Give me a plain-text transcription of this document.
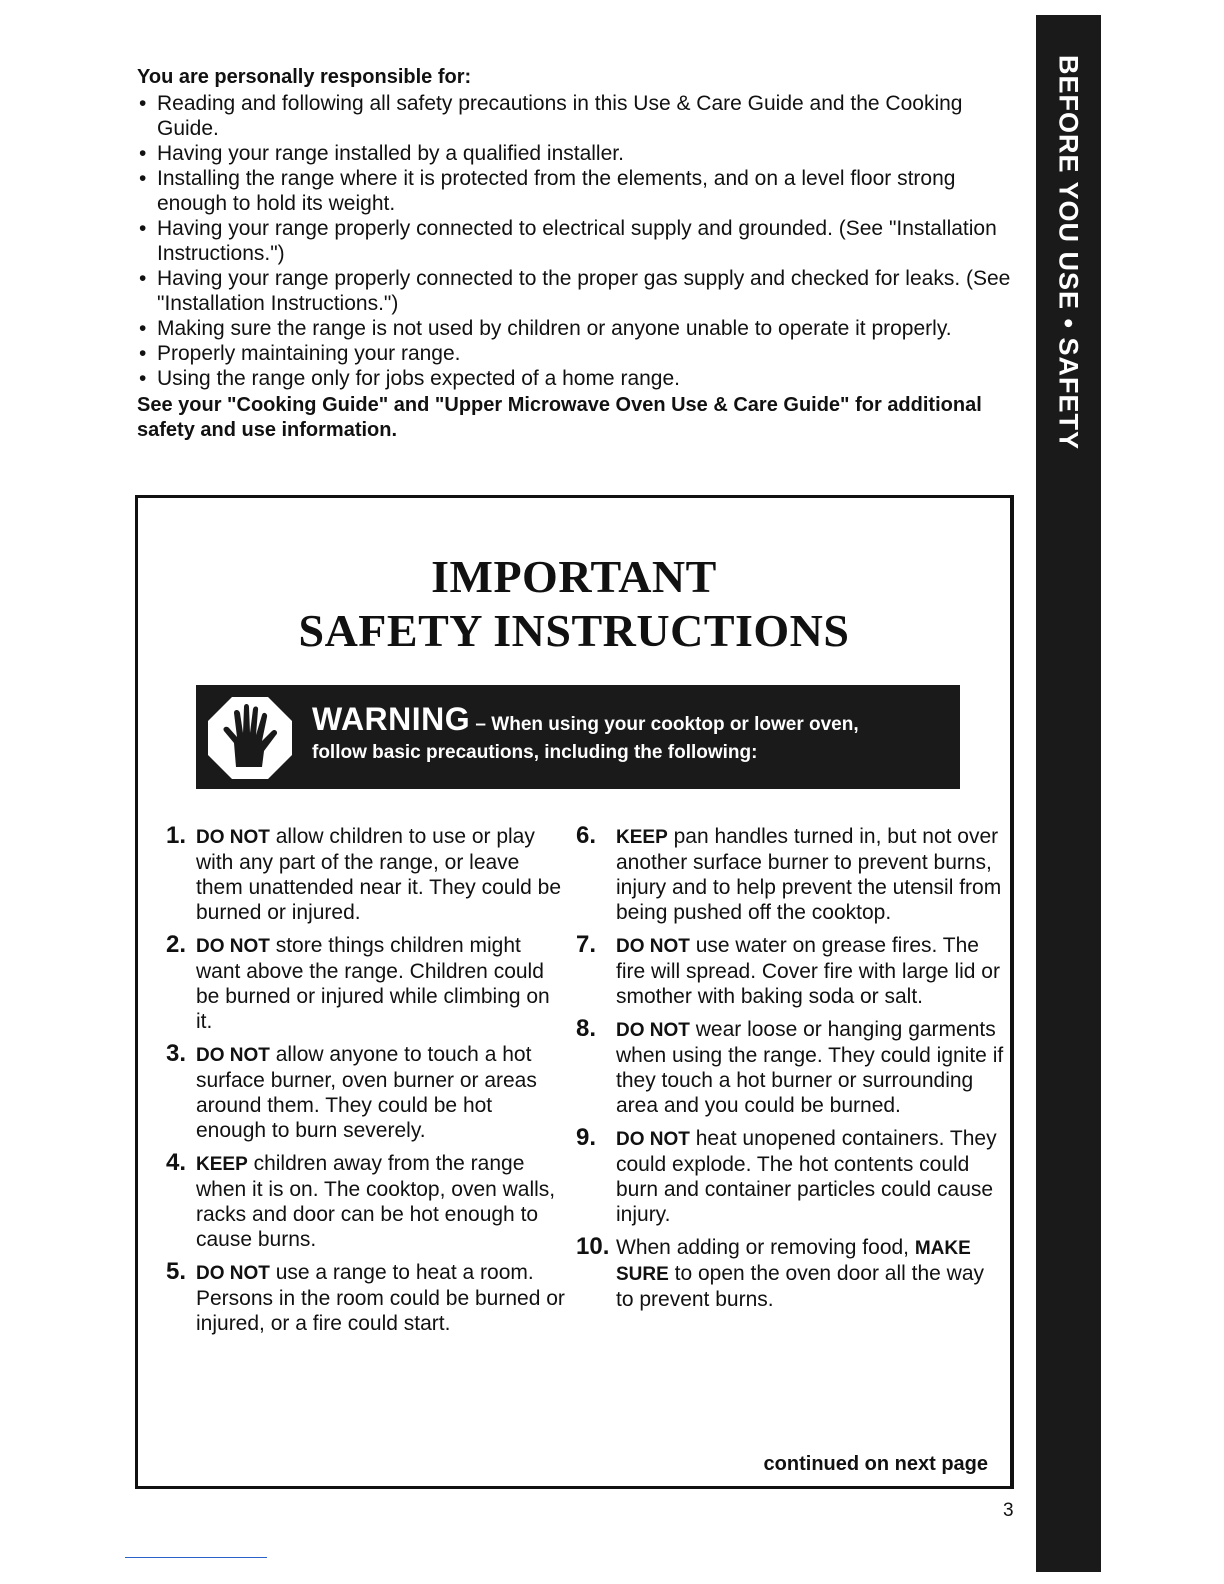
BEFORE YOU USE • SAFETY
You are personally responsible for:
• Reading and following all safety precautions in this Use & Care Guide and the Cooking Guide.
• Having your range installed by a qualified installer.
• Installing the range where it is protected from the elements, and on a level floor strong enough to hold its weight.
• Having your range properly connected to electrical supply and grounded. (See "Installation Instructions.")
• Having your range properly connected to the proper gas supply and checked for leaks. (See "Installation Instructions.")
• Making sure the range is not used by children or anyone unable to operate it properly.
• Properly maintaining your range.
• Using the range only for jobs expected of a home range.
See your "Cooking Guide" and "Upper Microwave Oven Use & Care Guide" for additional safety and use information.
IMPORTANT
SAFETY INSTRUCTIONS
WARNING – When using your cooktop or lower oven,
follow basic precautions, including the following:
1. DO NOT allow children to use or play with any part of the range, or leave them unattended near it. They could be burned or injured.
2. DO NOT store things children might want above the range. Children could be burned or injured while climbing on it.
3. DO NOT allow anyone to touch a hot surface burner, oven burner or areas around them. They could be hot enough to burn severely.
4. KEEP children away from the range when it is on. The cooktop, oven walls, racks and door can be hot enough to cause burns.
5. DO NOT use a range to heat a room. Persons in the room could be burned or injured, or a fire could start.
6. KEEP pan handles turned in, but not over another surface burner to prevent burns, injury and to help prevent the utensil from being pushed off the cooktop.
7. DO NOT use water on grease fires. The fire will spread. Cover fire with large lid or smother with baking soda or salt.
8. DO NOT wear loose or hanging garments when using the range. They could ignite if they touch a hot burner or surrounding area and you could be burned.
9. DO NOT heat unopened containers. They could explode. The hot contents could burn and container particles could cause injury.
10. When adding or removing food, MAKE SURE to open the oven door all the way to prevent burns.
continued on next page
3
